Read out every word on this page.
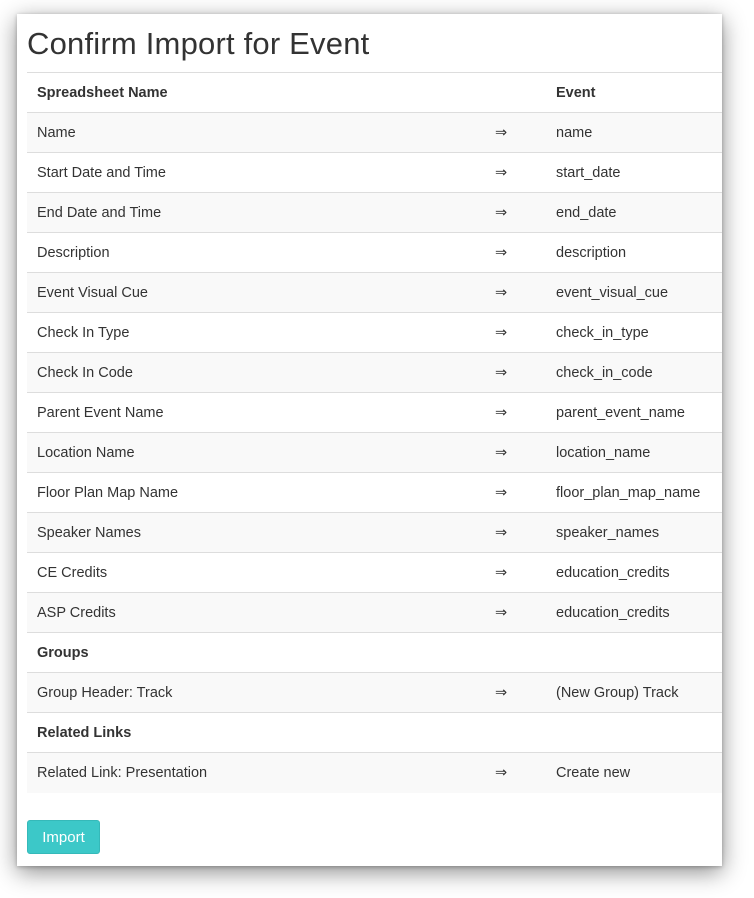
Confirm Import for Event
Spreadsheet Name		Event
Name	⇒	name
Start Date and Time	⇒	start_date
End Date and Time	⇒	end_date
Description	⇒	description
Event Visual Cue	⇒	event_visual_cue
Check In Type	⇒	check_in_type
Check In Code	⇒	check_in_code
Parent Event Name	⇒	parent_event_name
Location Name	⇒	location_name
Floor Plan Map Name	⇒	floor_plan_map_name
Speaker Names	⇒	speaker_names
CE Credits	⇒	education_credits
ASP Credits	⇒	education_credits
Groups		
Group Header: Track	⇒	(New Group) Track
Related Links		
Related Link: Presentation	⇒	Create new
Import
